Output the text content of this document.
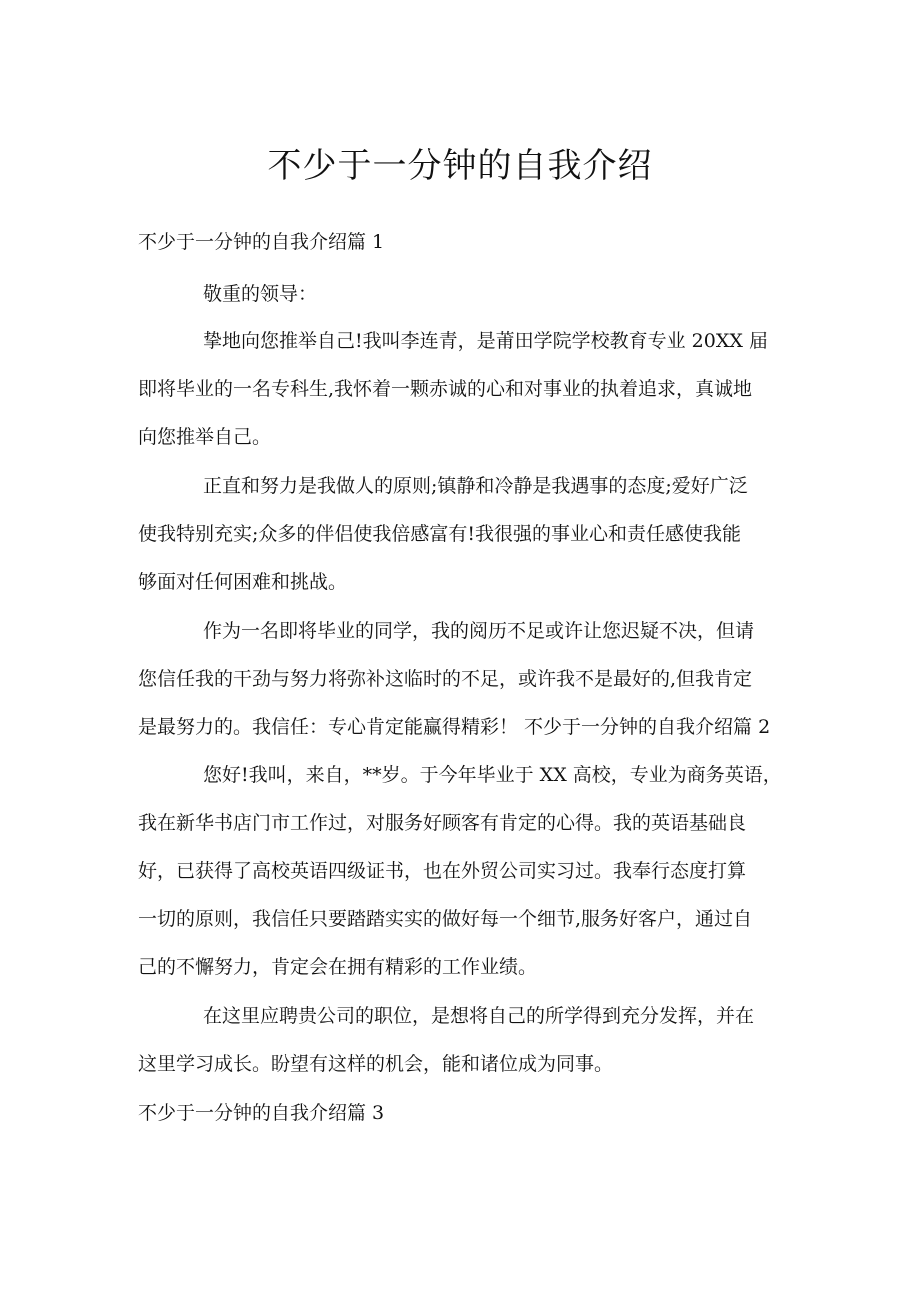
不少于一分钟的自我介绍
不少于一分钟的自我介绍篇 1
敬重的领导：
挚地向您推举自己!我叫李连青，是莆田学院学校教育专业 20XX 届
即将毕业的一名专科生,我怀着一颗赤诚的心和对事业的执着追求，真诚地
向您推举自己。
正直和努力是我做人的原则;镇静和冷静是我遇事的态度;爱好广泛
使我特别充实;众多的伴侣使我倍感富有!我很强的事业心和责任感使我能
够面对任何困难和挑战。
作为一名即将毕业的同学，我的阅历不足或许让您迟疑不决，但请
您信任我的干劲与努力将弥补这临时的不足，或许我不是最好的,但我肯定
是最努力的。我信任：专心肯定能赢得精彩！ 不少于一分钟的自我介绍篇 2
您好!我叫，来自，**岁。于今年毕业于 XX 高校，专业为商务英语，
我在新华书店门市工作过，对服务好顾客有肯定的心得。我的英语基础良
好，已获得了高校英语四级证书，也在外贸公司实习过。我奉行态度打算
一切的原则，我信任只要踏踏实实的做好每一个细节,服务好客户，通过自
己的不懈努力，肯定会在拥有精彩的工作业绩。
在这里应聘贵公司的职位，是想将自己的所学得到充分发挥，并在
这里学习成长。盼望有这样的机会，能和诸位成为同事。
不少于一分钟的自我介绍篇 3
